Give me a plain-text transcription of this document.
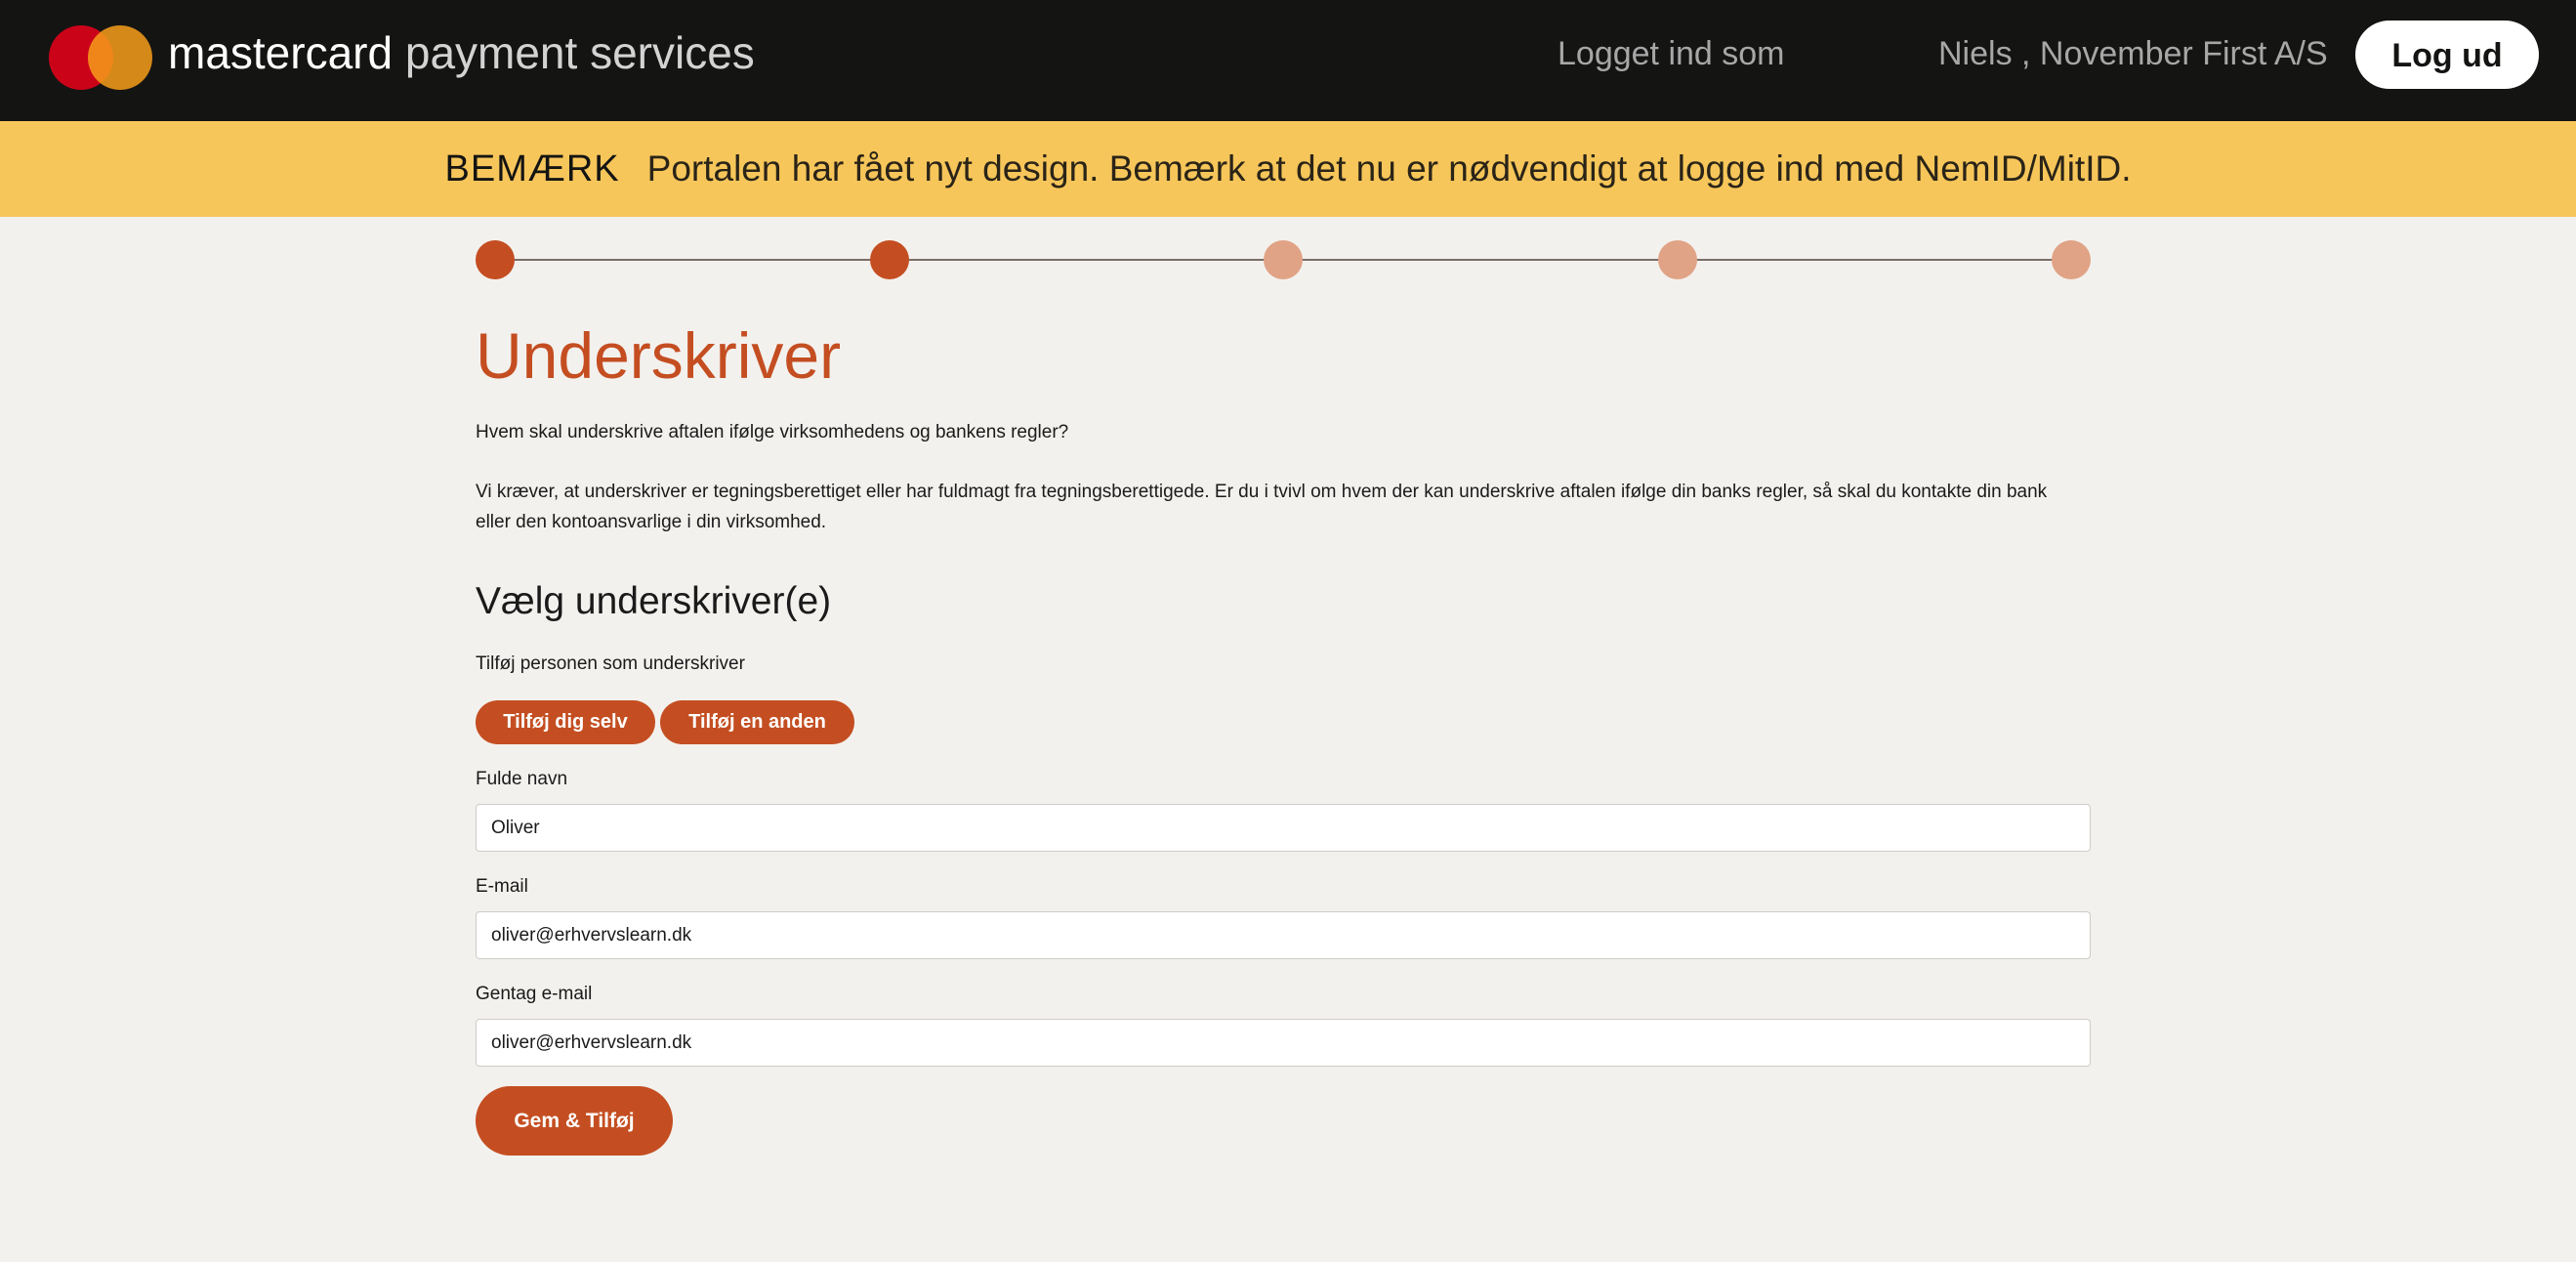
mastercard payment services	Logget ind som	Niels , November First A/S	Log ud
BEMÆRK Portalen har fået nyt design. Bemærk at det nu er nødvendigt at logge ind med NemID/MitID.
Underskriver
Hvem skal underskrive aftalen ifølge virksomhedens og bankens regler?
Vi kræver, at underskriver er tegningsberettiget eller har fuldmagt fra tegningsberettigede. Er du i tvivl om hvem der kan underskrive aftalen ifølge din banks regler, så skal du kontakte din bank eller den kontoansvarlige i din virksomhed.
Vælg underskriver(e)
Tilføj personen som underskriver
Tilføj dig selv	Tilføj en anden
Fulde navn
Oliver
E-mail
oliver@erhvervslearn.dk
Gentag e-mail
oliver@erhvervslearn.dk
Gem & Tilføj
